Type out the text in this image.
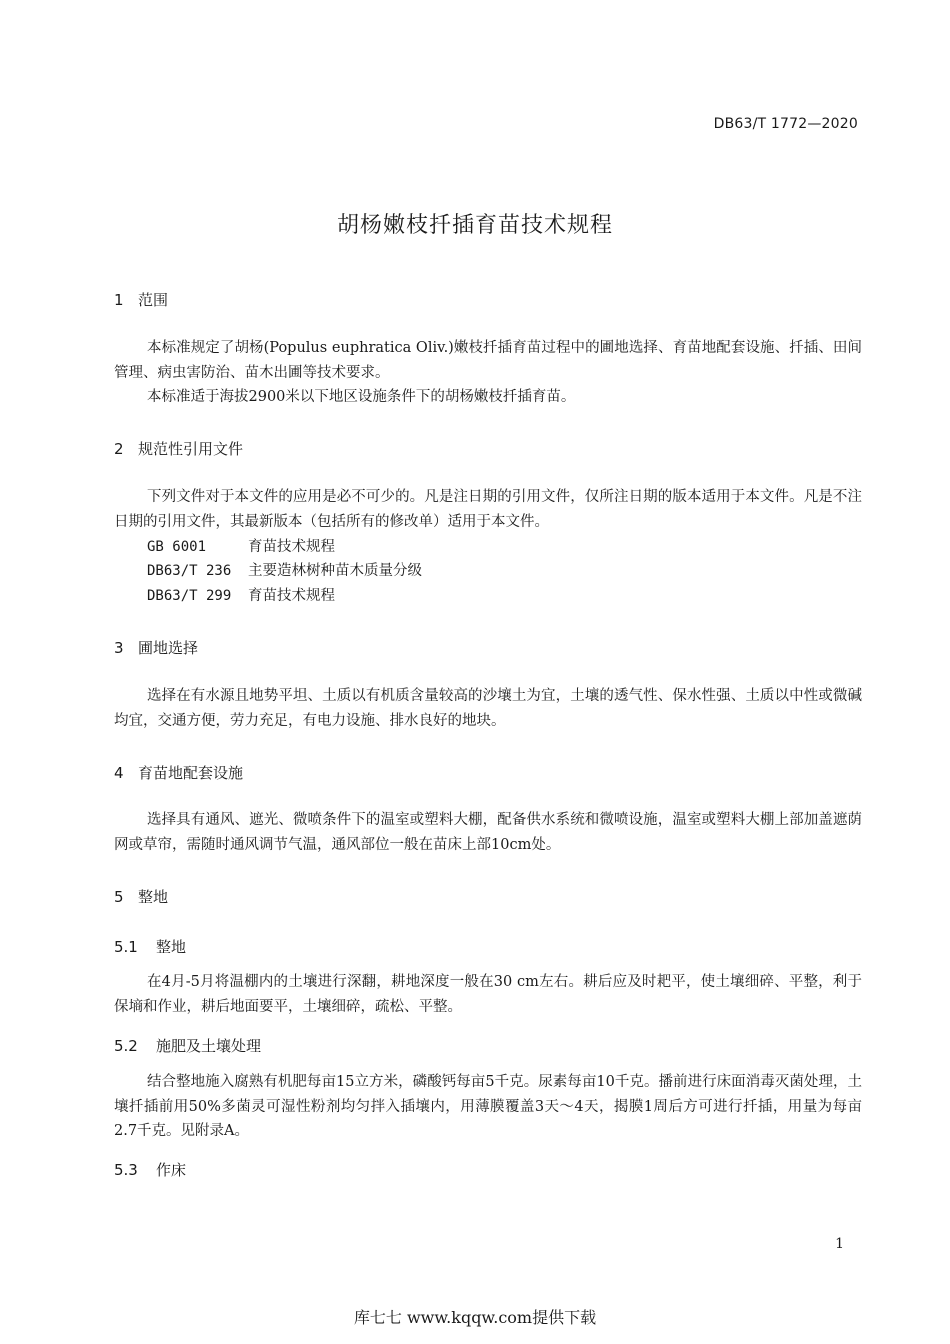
DB63/T 1772—2020
胡杨嫩枝扦插育苗技术规程
1 范围
本标准规定了胡杨(Populus euphratica Oliv.)嫩枝扦插育苗过程中的圃地选择、育苗地配套设施、扦插、田间管理、病虫害防治、苗木出圃等技术要求。
本标准适于海拔2900米以下地区设施条件下的胡杨嫩枝扦插育苗。
2 规范性引用文件
下列文件对于本文件的应用是必不可少的。凡是注日期的引用文件，仅所注日期的版本适用于本文件。凡是不注日期的引用文件，其最新版本（包括所有的修改单）适用于本文件。
GB 6001	育苗技术规程
DB63/T 236 主要造林树种苗木质量分级
DB63/T 299 育苗技术规程
3 圃地选择
选择在有水源且地势平坦、土质以有机质含量较高的沙壤土为宜，土壤的透气性、保水性强、土质以中性或微碱均宜，交通方便，劳力充足，有电力设施、排水良好的地块。
4 育苗地配套设施
选择具有通风、遮光、微喷条件下的温室或塑料大棚，配备供水系统和微喷设施，温室或塑料大棚上部加盖遮荫网或草帘，需随时通风调节气温，通风部位一般在苗床上部10cm处。
5 整地
5.1 整地
在4月-5月将温棚内的土壤进行深翻，耕地深度一般在30 cm左右。耕后应及时耙平，使土壤细碎、平整，利于保墒和作业，耕后地面要平，土壤细碎，疏松、平整。
5.2 施肥及土壤处理
结合整地施入腐熟有机肥每亩15立方米，磷酸钙每亩5千克。尿素每亩10千克。播前进行床面消毒灭菌处理，土壤扦插前用50%多菌灵可湿性粉剂均匀拌入插壤内，用薄膜覆盖3天～4天，揭膜1周后方可进行扦插，用量为每亩2.7千克。见附录A。
5.3 作床
1
库七七 www.kqqw.com提供下载
